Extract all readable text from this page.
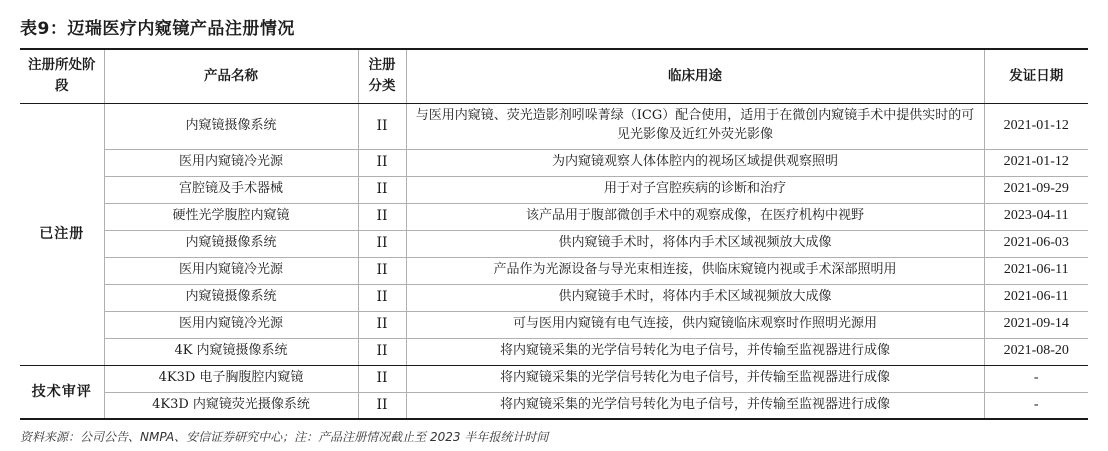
表9：迈瑞医疗内窥镜产品注册情况
注册所处阶段	产品名称	注册分类	临床用途	发证日期
已注册	内窥镜摄像系统	II	与医用内窥镜、荧光造影剂吲哚菁绿（ICG）配合使用，适用于在微创内窥镜手术中提供实时的可见光影像及近红外荧光影像	2021-01-12
	医用内窥镜冷光源	II	为内窥镜观察人体体腔内的视场区域提供观察照明	2021-01-12
	宫腔镜及手术器械	II	用于对子宫腔疾病的诊断和治疗	2021-09-29
	硬性光学腹腔内窥镜	II	该产品用于腹部微创手术中的观察成像，在医疗机构中视野	2023-04-11
	内窥镜摄像系统	II	供内窥镜手术时，将体内手术区域视频放大成像	2021-06-03
	医用内窥镜冷光源	II	产品作为光源设备与导光束相连接，供临床窥镜内视或手术深部照明用	2021-06-11
	内窥镜摄像系统	II	供内窥镜手术时，将体内手术区域视频放大成像	2021-06-11
	医用内窥镜冷光源	II	可与医用内窥镜有电气连接，供内窥镜临床观察时作照明光源用	2021-09-14
	4K 内窥镜摄像系统	II	将内窥镜采集的光学信号转化为电子信号，并传输至监视器进行成像	2021-08-20
技术审评	4K3D 电子胸腹腔内窥镜	II	将内窥镜采集的光学信号转化为电子信号，并传输至监视器进行成像	-
	4K3D 内窥镜荧光摄像系统	II	将内窥镜采集的光学信号转化为电子信号，并传输至监视器进行成像	-
资料来源：公司公告、NMPA、安信证券研究中心；注：产品注册情况截止至 2023 半年报统计时间
